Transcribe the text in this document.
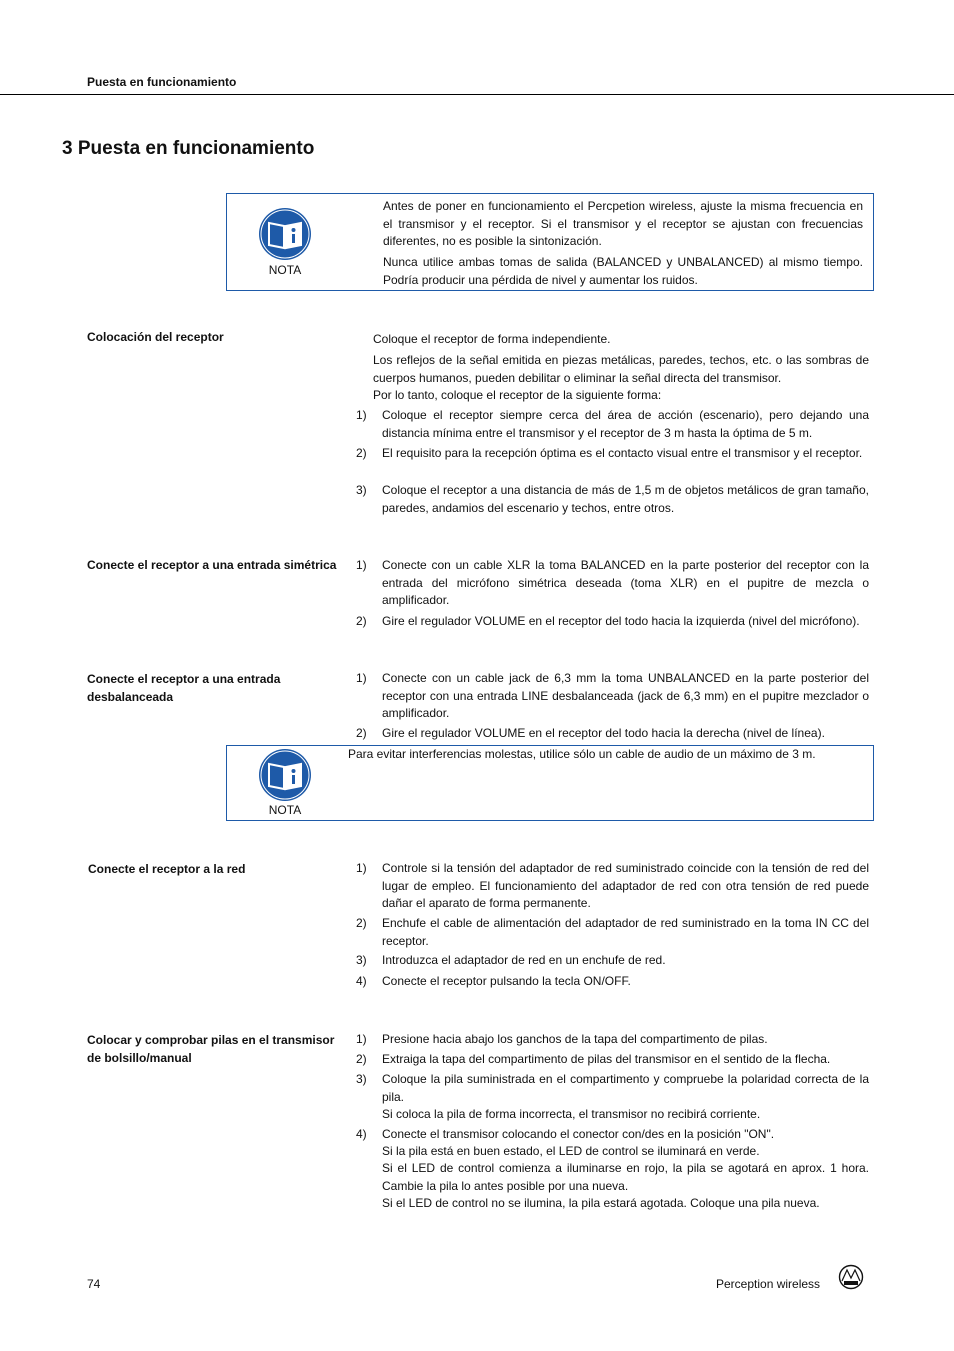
Puesta en funcionamiento
3 Puesta en funcionamiento
NOTA
Antes de poner en funcionamiento el Percpetion wireless, ajuste la misma frecuencia en el transmisor y el receptor. Si el transmisor y el receptor se ajustan con frecuencias diferentes, no es posible la sintonización.
Nunca utilice ambas tomas de salida (BALANCED y UNBALANCED) al mismo tiempo. Podría producir una pérdida de nivel y aumentar los ruidos.
Colocación del receptor	Coloque el receptor de forma independiente.
Los reflejos de la señal emitida en piezas metálicas, paredes, techos, etc. o las sombras de cuerpos humanos, pueden debilitar o eliminar la señal directa del transmisor.
Por lo tanto, coloque el receptor de la siguiente forma:
1) Coloque el receptor siempre cerca del área de acción (escenario), pero dejando una distancia mínima entre el transmisor y el receptor de 3 m hasta la óptima de 5 m.
2) El requisito para la recepción óptima es el contacto visual entre el transmisor y el receptor.
3) Coloque el receptor a una distancia de más de 1,5 m de objetos metálicos de gran tamaño, paredes, andamios del escenario y techos, entre otros.
Conecte el receptor a una entrada simétrica	1) Conecte con un cable XLR la toma BALANCED en la parte posterior del receptor con la entrada del micrófono simétrica deseada (toma XLR) en el pupitre de mezcla o amplificador.
2) Gire el regulador VOLUME en el receptor del todo hacia la izquierda (nivel del micrófono).
Conecte el receptor a una entrada desbalanceada
1) Conecte con un cable jack de 6,3 mm la toma UNBALANCED en la parte posterior del receptor con una entrada LINE desbalanceada (jack de 6,3 mm) en el pupitre mezclador o amplificador.
2) Gire el regulador VOLUME en el receptor del todo hacia la derecha (nivel de línea).
NOTA
Para evitar interferencias molestas, utilice sólo un cable de audio de un máximo de 3 m.
Conecte el receptor a la red	1) Controle si la tensión del adaptador de red suministrado coincide con la tensión de red del lugar de empleo. El funcionamiento del adaptador de red con otra tensión de red puede dañar el aparato de forma permanente.
2) Enchufe el cable de alimentación del adaptador de red suministrado en la toma IN CC del receptor.
3) Introduzca el adaptador de red en un enchufe de red.
4) Conecte el receptor pulsando la tecla ON/OFF.
Colocar y comprobar pilas en el transmisor de bolsillo/manual
1) Presione hacia abajo los ganchos de la tapa del compartimento de pilas.
2) Extraiga la tapa del compartimento de pilas del transmisor en el sentido de la flecha.
3) Coloque la pila suministrada en el compartimento y compruebe la polaridad correcta de la pila.
Si coloca la pila de forma incorrecta, el transmisor no recibirá corriente.
4) Conecte el transmisor colocando el conector con/des en la posición "ON".
Si la pila está en buen estado, el LED de control se iluminará en verde.
Si el LED de control comienza a iluminarse en rojo, la pila se agotará en aprox. 1 hora. Cambie la pila lo antes posible por una nueva.
Si el LED de control no se ilumina, la pila estará agotada. Coloque una pila nueva.
74	Perception wireless
